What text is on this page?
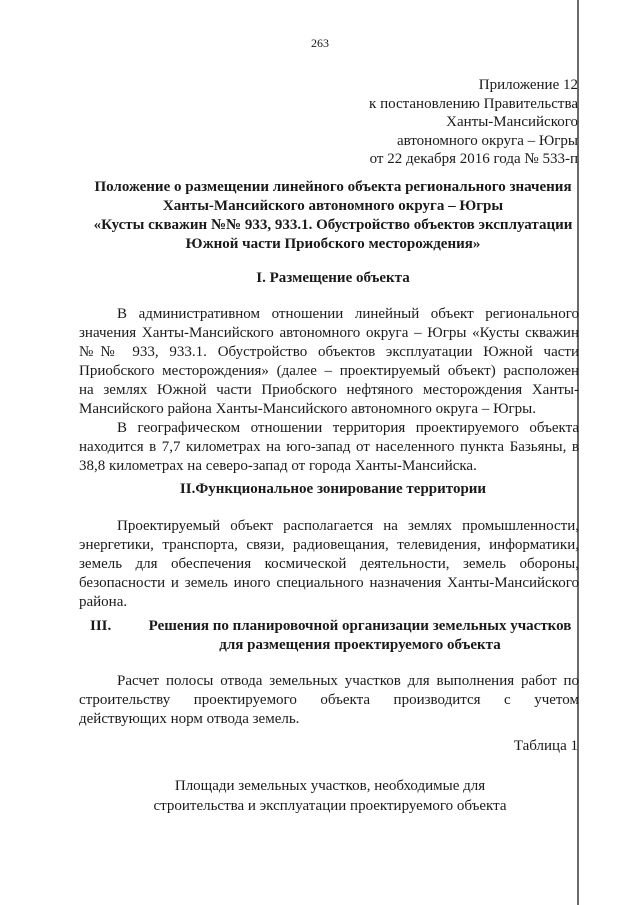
263
Приложение 12
к постановлению Правительства
Ханты-Мансийского
автономного округа – Югры
от 22 декабря 2016 года № 533-п
Положение о размещении линейного объекта регионального значения
Ханты-Мансийского автономного округа – Югры
«Кусты скважин №№ 933, 933.1. Обустройство объектов эксплуатации
Южной части Приобского месторождения»
I. Размещение объекта
В административном отношении линейный объект регионального
значения Ханты-Мансийского автономного округа – Югры «Кусты скважин
№№ 933, 933.1. Обустройство объектов эксплуатации Южной части
Приобского месторождения» (далее – проектируемый объект) расположен
на землях Южной части Приобского нефтяного месторождения Ханты-
Мансийского района Ханты-Мансийского автономного округа – Югры.
В географическом отношении территория проектируемого объекта
находится в 7,7 километрах на юго-запад от населенного пункта Базьяны, в
38,8 километрах на северо-запад от города Ханты-Мансийска.
II.Функциональное зонирование территории
Проектируемый объект располагается на землях промышленности,
энергетики, транспорта, связи, радиовещания, телевидения, информатики,
земель для обеспечения космической деятельности, земель обороны,
безопасности и земель иного специального назначения Ханты-Мансийского
района.
III.	Решения по планировочной организации земельных участков
для размещения проектируемого объекта
Расчет полосы отвода земельных участков для выполнения работ по
строительству проектируемого объекта производится с учетом
действующих норм отвода земель.
Таблица 1
Площади земельных участков, необходимые для
строительства и эксплуатации проектируемого объекта
